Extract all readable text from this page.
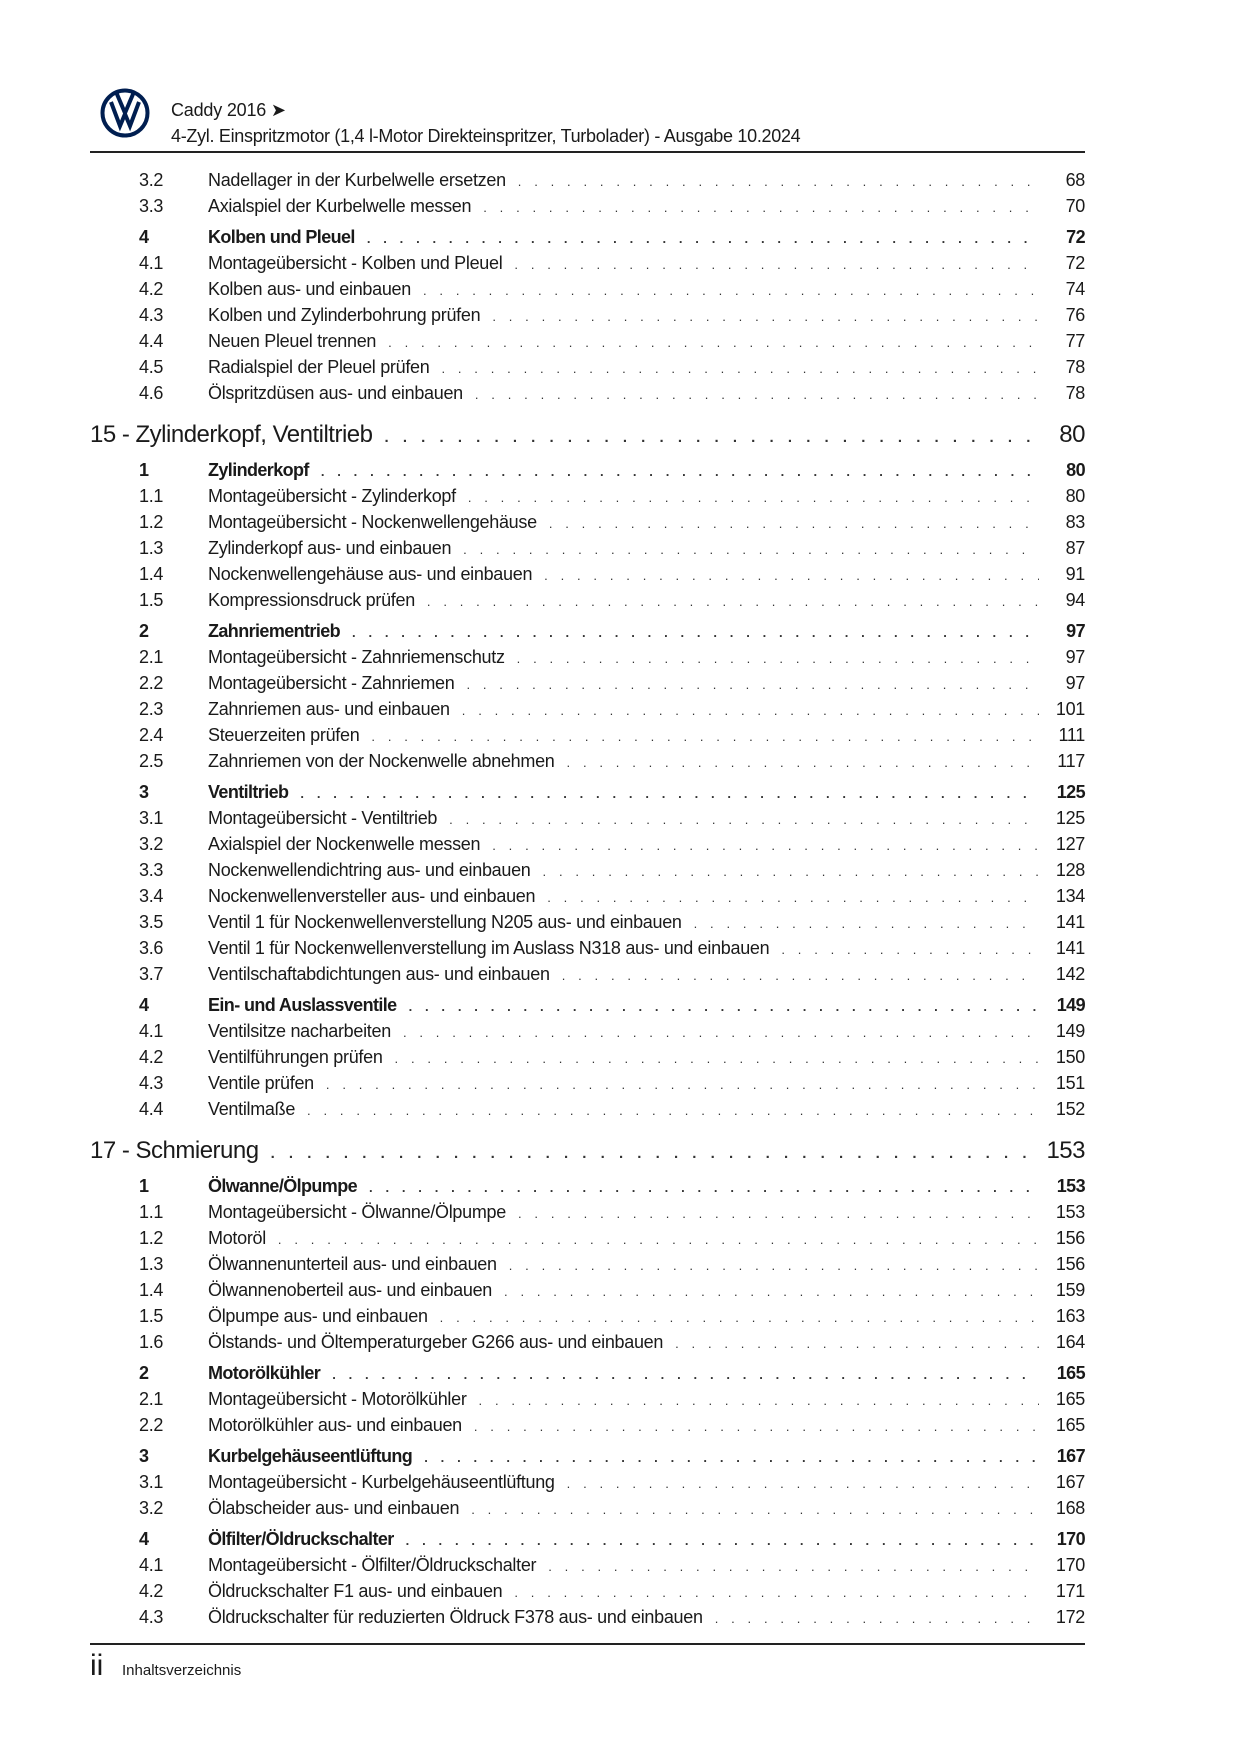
Caddy 2016 ➤
4-Zyl. Einspritzmotor (1,4 l-Motor Direkteinspritzer, Turbolader) - Ausgabe 10.2024
3.2	Nadellager in der Kurbelwelle ersetzen . . .	68
3.3	Axialspiel der Kurbelwelle messen . . .	70
4	Kolben und Pleuel . . .	72
4.1	Montageübersicht - Kolben und Pleuel . . .	72
4.2	Kolben aus- und einbauen . . .	74
4.3	Kolben und Zylinderbohrung prüfen . . .	76
4.4	Neuen Pleuel trennen . . .	77
4.5	Radialspiel der Pleuel prüfen . . .	78
4.6	Ölspritzdüsen aus- und einbauen . . .	78
15 - Zylinderkopf, Ventiltrieb . . .	80
1	Zylinderkopf . . .	80
1.1	Montageübersicht - Zylinderkopf . . .	80
1.2	Montageübersicht - Nockenwellengehäuse . . .	83
1.3	Zylinderkopf aus- und einbauen . . .	87
1.4	Nockenwellengehäuse aus- und einbauen . . .	91
1.5	Kompressionsdruck prüfen . . .	94
2	Zahnriementrieb . . .	97
2.1	Montageübersicht - Zahnriemenschutz . . .	97
2.2	Montageübersicht - Zahnriemen . . .	97
2.3	Zahnriemen aus- und einbauen . . .	101
2.4	Steuerzeiten prüfen . . .	111
2.5	Zahnriemen von der Nockenwelle abnehmen . . .	117
3	Ventiltrieb . . .	125
3.1	Montageübersicht - Ventiltrieb . . .	125
3.2	Axialspiel der Nockenwelle messen . . .	127
3.3	Nockenwellendichtring aus- und einbauen . . .	128
3.4	Nockenwellenversteller aus- und einbauen . . .	134
3.5	Ventil 1 für Nockenwellenverstellung N205 aus- und einbauen . . .	141
3.6	Ventil 1 für Nockenwellenverstellung im Auslass N318 aus- und einbauen . . .	141
3.7	Ventilschaftabdichtungen aus- und einbauen . . .	142
4	Ein- und Auslassventile . . .	149
4.1	Ventilsitze nacharbeiten . . .	149
4.2	Ventilführungen prüfen . . .	150
4.3	Ventile prüfen . . .	151
4.4	Ventilmaße . . .	152
17 - Schmierung . . .	153
1	Ölwanne/Ölpumpe . . .	153
1.1	Montageübersicht - Ölwanne/Ölpumpe . . .	153
1.2	Motoröl . . .	156
1.3	Ölwannenunterteil aus- und einbauen . . .	156
1.4	Ölwannenoberteil aus- und einbauen . . .	159
1.5	Ölpumpe aus- und einbauen . . .	163
1.6	Ölstands- und Öltemperaturgeber G266 aus- und einbauen . . .	164
2	Motorölkühler . . .	165
2.1	Montageübersicht - Motorölkühler . . .	165
2.2	Motorölkühler aus- und einbauen . . .	165
3	Kurbelgehäuseentlüftung . . .	167
3.1	Montageübersicht - Kurbelgehäuseentlüftung . . .	167
3.2	Ölabscheider aus- und einbauen . . .	168
4	Ölfilter/Öldruckschalter . . .	170
4.1	Montageübersicht - Ölfilter/Öldruckschalter . . .	170
4.2	Öldruckschalter F1 aus- und einbauen . . .	171
4.3	Öldruckschalter für reduzierten Öldruck F378 aus- und einbauen . . .	172
ii Inhaltsverzeichnis
